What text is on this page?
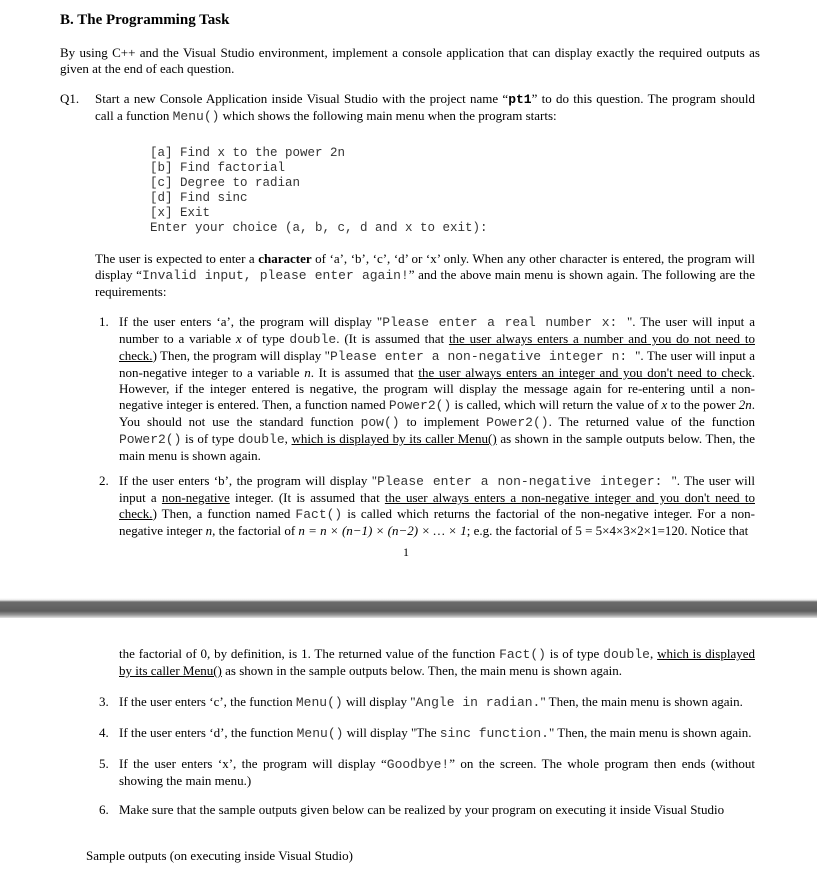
B. The Programming Task
By using C++ and the Visual Studio environment, implement a console application that can display exactly the required outputs as given at the end of each question.
Q1. Start a new Console Application inside Visual Studio with the project name “pt1” to do this question. The program should call a function Menu() which shows the following main menu when the program starts:
[a] Find x to the power 2n
[b] Find factorial
[c] Degree to radian
[d] Find sinc
[x] Exit
Enter your choice (a, b, c, d and x to exit):
The user is expected to enter a character of ‘a’, ‘b’, ‘c’, ‘d’ or ‘x’ only. When any other character is entered, the program will display “Invalid input, please enter again!” and the above main menu is shown again. The following are the requirements:
1. If the user enters ‘a’, the program will display "Please enter a real number x: ". The user will input a number to a variable x of type double. (It is assumed that the user always enters a number and you do not need to check.) Then, the program will display "Please enter a non-negative integer n: ". The user will input a non-negative integer to a variable n. It is assumed that the user always enters an integer and you don't need to check. However, if the integer entered is negative, the program will display the message again for re-entering until a non-negative integer is entered. Then, a function named Power2() is called, which will return the value of x to the power 2n. You should not use the standard function pow() to implement Power2(). The returned value of the function Power2() is of type double, which is displayed by its caller Menu() as shown in the sample outputs below. Then, the main menu is shown again.
2. If the user enters ‘b’, the program will display "Please enter a non-negative integer: ". The user will input a non-negative integer. (It is assumed that the user always enters a non-negative integer and you don't need to check.) Then, a function named Fact() is called which returns the factorial of the non-negative integer. For a non-negative integer n, the factorial of n = n × (n−1) × (n−2) × … × 1; e.g. the factorial of 5 = 5×4×3×2×1=120. Notice that
1
the factorial of 0, by definition, is 1. The returned value of the function Fact() is of type double, which is displayed by its caller Menu() as shown in the sample outputs below. Then, the main menu is shown again.
3. If the user enters ‘c’, the function Menu() will display "Angle in radian." Then, the main menu is shown again.
4. If the user enters ‘d’, the function Menu() will display "The sinc function." Then, the main menu is shown again.
5. If the user enters ‘x’, the program will display “Goodbye!” on the screen. The whole program then ends (without showing the main menu.)
6. Make sure that the sample outputs given below can be realized by your program on executing it inside Visual Studio
Sample outputs (on executing inside Visual Studio)
